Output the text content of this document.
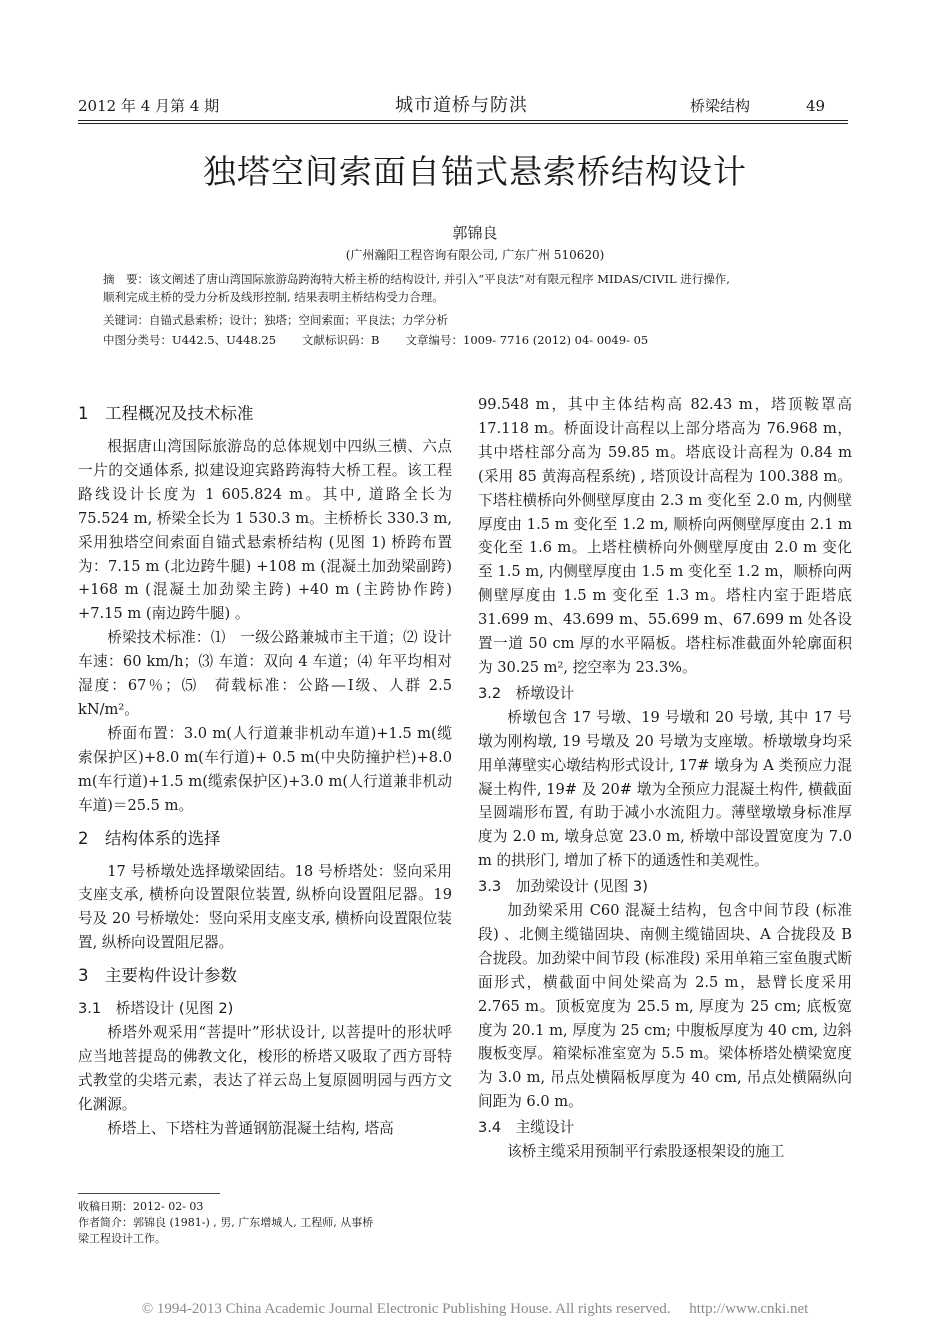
2012 年 4 月第 4 期	城市道桥与防洪	桥梁结构	49
独塔空间索面自锚式悬索桥结构设计
郭锦良
(广州瀚阳工程咨询有限公司, 广东广州 510620)
摘　要：该文阐述了唐山湾国际旅游岛跨海特大桥主桥的结构设计, 并引入“平良法”对有限元程序 MIDAS/CIVIL 进行操作,
顺利完成主桥的受力分析及线形控制, 结果表明主桥结构受力合理。
关键词：自锚式悬索桥；设计；独塔；空间索面；平良法；力学分析
中图分类号：U442.5、U448.25 文献标识码：B 文章编号：1009- 7716 (2012) 04- 0049- 05
1　工程概况及技术标准

根据唐山湾国际旅游岛的总体规划中四纵三横、六点一片的交通体系, 拟建设迎宾路跨海特大桥工程。该工程路线设计长度为 1 605.824 m。其中, 道路全长为 75.524 m, 桥梁全长为 1 530.3 m。主桥桥长 330.3 m, 采用独塔空间索面自锚式悬索桥结构 (见图 1) 桥跨布置为：7.15 m (北边跨牛腿) +108 m (混凝土加劲梁副跨) +168 m (混凝土加劲梁主跨) +40 m (主跨协作跨) +7.15 m (南边跨牛腿) 。

桥梁技术标准：⑴　一级公路兼城市主干道；⑵ 设计车速：60 km/h；⑶ 车道：双向 4 车道；⑷ 年平均相对湿度：67％；⑸　荷载标准：公路—Ⅰ级、人群 2.5 kN/m²。

桥面布置：3.0 m(人行道兼非机动车道)+1.5 m(缆索保护区)+8.0 m(车行道)+ 0.5 m(中央防撞护栏)+8.0 m(车行道)+1.5 m(缆索保护区)+3.0 m(人行道兼非机动车道)＝25.5 m。

2　结构体系的选择

17 号桥墩处选择墩梁固结。18 号桥塔处：竖向采用支座支承, 横桥向设置限位装置, 纵桥向设置阻尼器。19 号及 20 号桥墩处：竖向采用支座支承, 横桥向设置限位装置, 纵桥向设置阻尼器。

3　主要构件设计参数
3.1　桥塔设计 (见图 2)

桥塔外观采用“菩提叶”形状设计, 以菩提叶的形状呼应当地菩提岛的佛教文化，梭形的桥塔又吸取了西方哥特式教堂的尖塔元素，表达了祥云岛上复原圆明园与西方文化渊源。

桥塔上、下塔柱为普通钢筋混凝土结构, 塔高

99.548 m，其中主体结构高 82.43 m，塔顶鞍罩高 17.118 m。桥面设计高程以上部分塔高为 76.968 m，其中塔柱部分高为 59.85 m。塔底设计高程为 0.84 m (采用 85 黄海高程系统) , 塔顶设计高程为 100.388 m。下塔柱横桥向外侧壁厚度由 2.3 m 变化至 2.0 m, 内侧壁厚度由 1.5 m 变化至 1.2 m, 顺桥向两侧壁厚度由 2.1 m 变化至 1.6 m。上塔柱横桥向外侧壁厚度由 2.0 m 变化至 1.5 m, 内侧壁厚度由 1.5 m 变化至 1.2 m，顺桥向两侧壁厚度由 1.5 m 变化至 1.3 m。塔柱内室于距塔底 31.699 m、43.699 m、55.699 m、67.699 m 处各设置一道 50 cm 厚的水平隔板。塔柱标准截面外轮廓面积为 30.25 m², 挖空率为 23.3%。

3.2　桥墩设计

桥墩包含 17 号墩、19 号墩和 20 号墩, 其中 17 号墩为刚构墩, 19 号墩及 20 号墩为支座墩。桥墩墩身均采用单薄壁实心墩结构形式设计, 17# 墩身为 A 类预应力混凝土构件, 19# 及 20# 墩为全预应力混凝土构件, 横截面呈圆端形布置, 有助于减小水流阻力。薄壁墩墩身标准厚度为 2.0 m, 墩身总宽 23.0 m, 桥墩中部设置宽度为 7.0 m 的拱形门, 增加了桥下的通透性和美观性。

3.3　加劲梁设计 (见图 3)

加劲梁采用 C60 混凝土结构，包含中间节段 (标准段) 、北侧主缆锚固块、南侧主缆锚固块、A 合拢段及 B 合拢段。加劲梁中间节段 (标准段) 采用单箱三室鱼腹式断面形式，横截面中间处梁高为 2.5 m，悬臂长度采用 2.765 m。顶板宽度为 25.5 m, 厚度为 25 cm; 底板宽度为 20.1 m, 厚度为 25 cm; 中腹板厚度为 40 cm, 边斜腹板变厚。箱梁标准室宽为 5.5 m。梁体桥塔处横梁宽度为 3.0 m, 吊点处横隔板厚度为 40 cm, 吊点处横隔纵向间距为 6.0 m。

3.4　主缆设计

该桥主缆采用预制平行索股逐根架设的施工

收稿日期：2012- 02- 03
作者简介：郭锦良 (1981-) , 男, 广东增城人, 工程师, 从事桥
梁工程设计工作。
© 1994-2013 China Academic Journal Electronic Publishing House. All rights reserved.　 http://www.cnki.net
